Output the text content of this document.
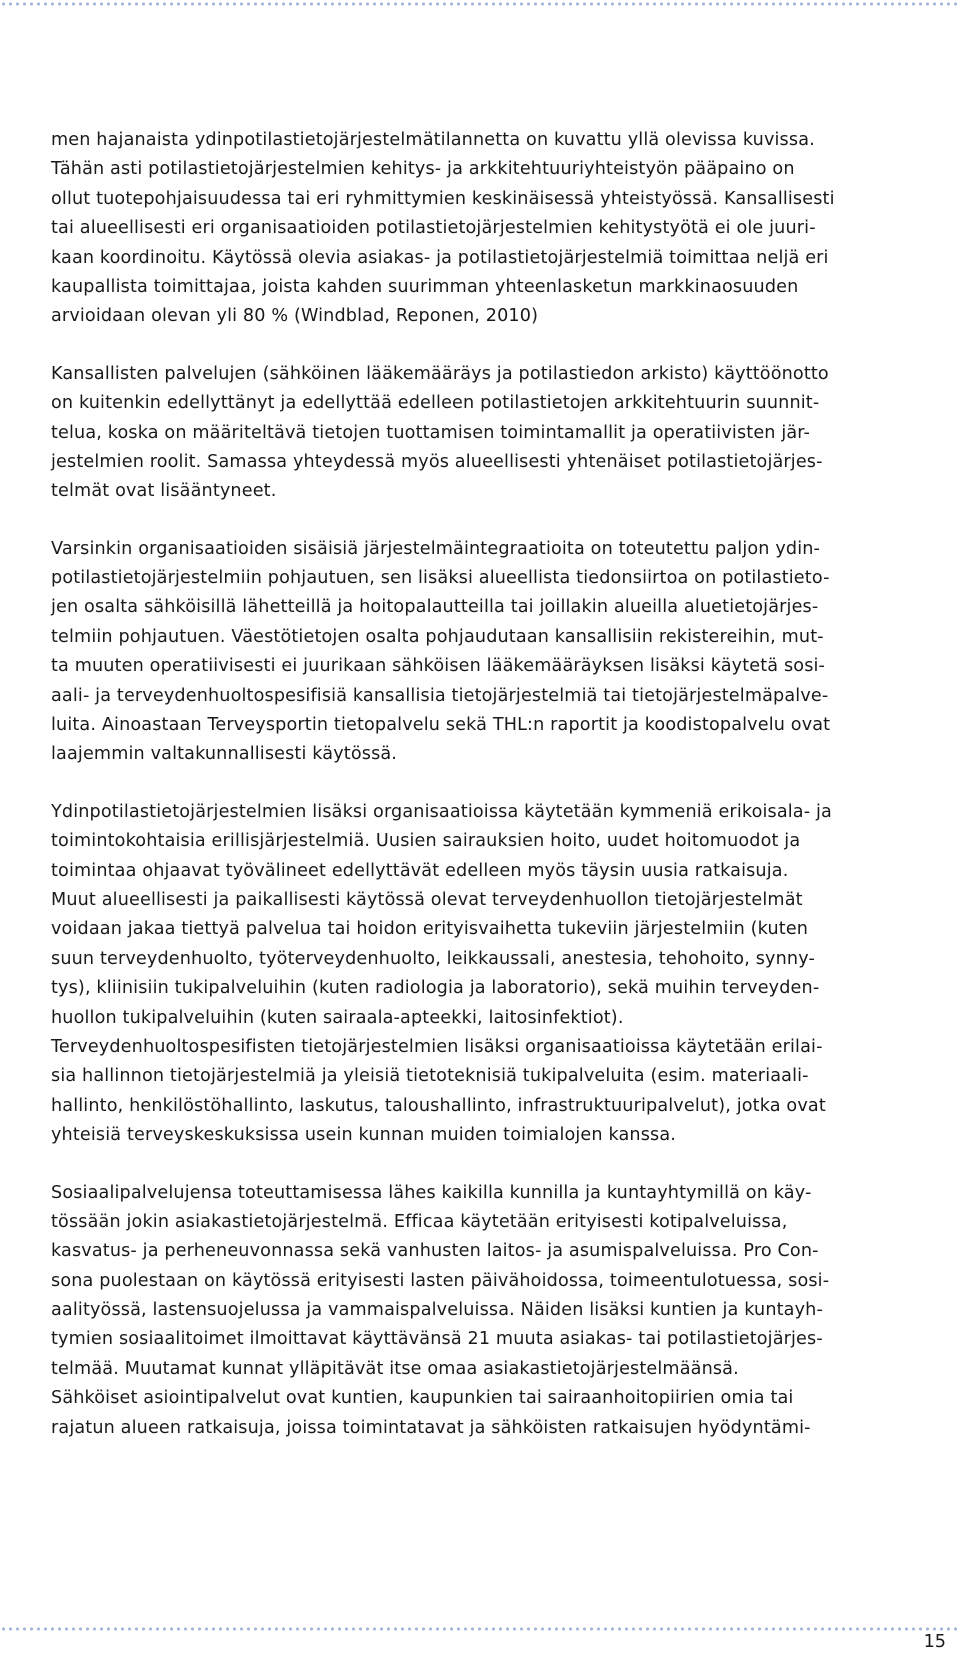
men hajanaista ydinpotilastietojärjestelmätilannetta on kuvattu yllä olevissa kuvissa.
Tähän asti potilastietojärjestelmien kehitys- ja arkkitehtuuriyhteistyön pääpaino on
ollut tuotepohjaisuudessa tai eri ryhmittymien keskinäisessä yhteistyössä. Kansallisesti
tai alueellisesti eri organisaatioiden potilastietojärjestelmien kehitystyötä ei ole juuri-
kaan koordinoitu. Käytössä olevia asiakas- ja potilastietojärjestelmiä toimittaa neljä eri
kaupallista toimittajaa, joista kahden suurimman yhteenlasketun markkinaosuuden
arvioidaan olevan yli 80 % (Windblad, Reponen, 2010)

Kansallisten palvelujen (sähköinen lääkemääräys ja potilastiedon arkisto) käyttöönotto
on kuitenkin edellyttänyt ja edellyttää edelleen potilastietojen arkkitehtuurin suunnit-
telua, koska on määriteltävä tietojen tuottamisen toimintamallit ja operatiivisten jär-
jestelmien roolit. Samassa yhteydessä myös alueellisesti yhtenäiset potilastietojärjes-
telmät ovat lisääntyneet.

Varsinkin organisaatioiden sisäisiä järjestelmäintegraatioita on toteutettu paljon ydin-
potilastietojärjestelmiin pohjautuen, sen lisäksi alueellista tiedonsiirtoa on potilastieto-
jen osalta sähköisillä lähetteillä ja hoitopalautteilla tai joillakin alueilla aluetietojärjes-
telmiin pohjautuen. Väestötietojen osalta pohjaudutaan kansallisiin rekistereihin, mut-
ta muuten operatiivisesti ei juurikaan sähköisen lääkemääräyksen lisäksi käytetä sosi-
aali- ja terveydenhuoltospesifisiä kansallisia tietojärjestelmiä tai tietojärjestelmäpalve-
luita. Ainoastaan Terveysportin tietopalvelu sekä THL:n raportit ja koodistopalvelu ovat
laajemmin valtakunnallisesti käytössä.

Ydinpotilastietojärjestelmien lisäksi organisaatioissa käytetään kymmeniä erikoisala- ja
toimintokohtaisia erillisjärjestelmiä. Uusien sairauksien hoito, uudet hoitomuodot ja
toimintaa ohjaavat työvälineet edellyttävät edelleen myös täysin uusia ratkaisuja.
Muut alueellisesti ja paikallisesti käytössä olevat terveydenhuollon tietojärjestelmät
voidaan jakaa tiettyä palvelua tai hoidon erityisvaihetta tukeviin järjestelmiin (kuten
suun terveydenhuolto, työterveydenhuolto, leikkaussali, anestesia, tehohoito, synny-
tys), kliinisiin tukipalveluihin (kuten radiologia ja laboratorio), sekä muihin terveyden-
huollon tukipalveluihin (kuten sairaala-apteekki, laitosinfektiot).
Terveydenhuoltospesifisten tietojärjestelmien lisäksi organisaatioissa käytetään erilai-
sia hallinnon tietojärjestelmiä ja yleisiä tietoteknisiä tukipalveluita (esim. materiaali-
hallinto, henkilöstöhallinto, laskutus, taloushallinto, infrastruktuuripalvelut), jotka ovat
yhteisiä terveyskeskuksissa usein kunnan muiden toimialojen kanssa.

Sosiaalipalvelujensa toteuttamisessa lähes kaikilla kunnilla ja kuntayhtymillä on käy-
tössään jokin asiakastietojärjestelmä. Efficaa käytetään erityisesti kotipalveluissa,
kasvatus- ja perheneuvonnassa sekä vanhusten laitos- ja asumispalveluissa. Pro Con-
sona puolestaan on käytössä erityisesti lasten päivähoidossa, toimeentulotuessa, sosi-
aalityössä, lastensuojelussa ja vammaispalveluissa. Näiden lisäksi kuntien ja kuntayh-
tymien sosiaalitoimet ilmoittavat käyttävänsä 21 muuta asiakas- tai potilastietojärjes-
telmää. Muutamat kunnat ylläpitävät itse omaa asiakastietojärjestelmäänsä.
Sähköiset asiointipalvelut ovat kuntien, kaupunkien tai sairaanhoitopiirien omia tai
rajatun alueen ratkaisuja, joissa toimintatavat ja sähköisten ratkaisujen hyödyntämi-

15
